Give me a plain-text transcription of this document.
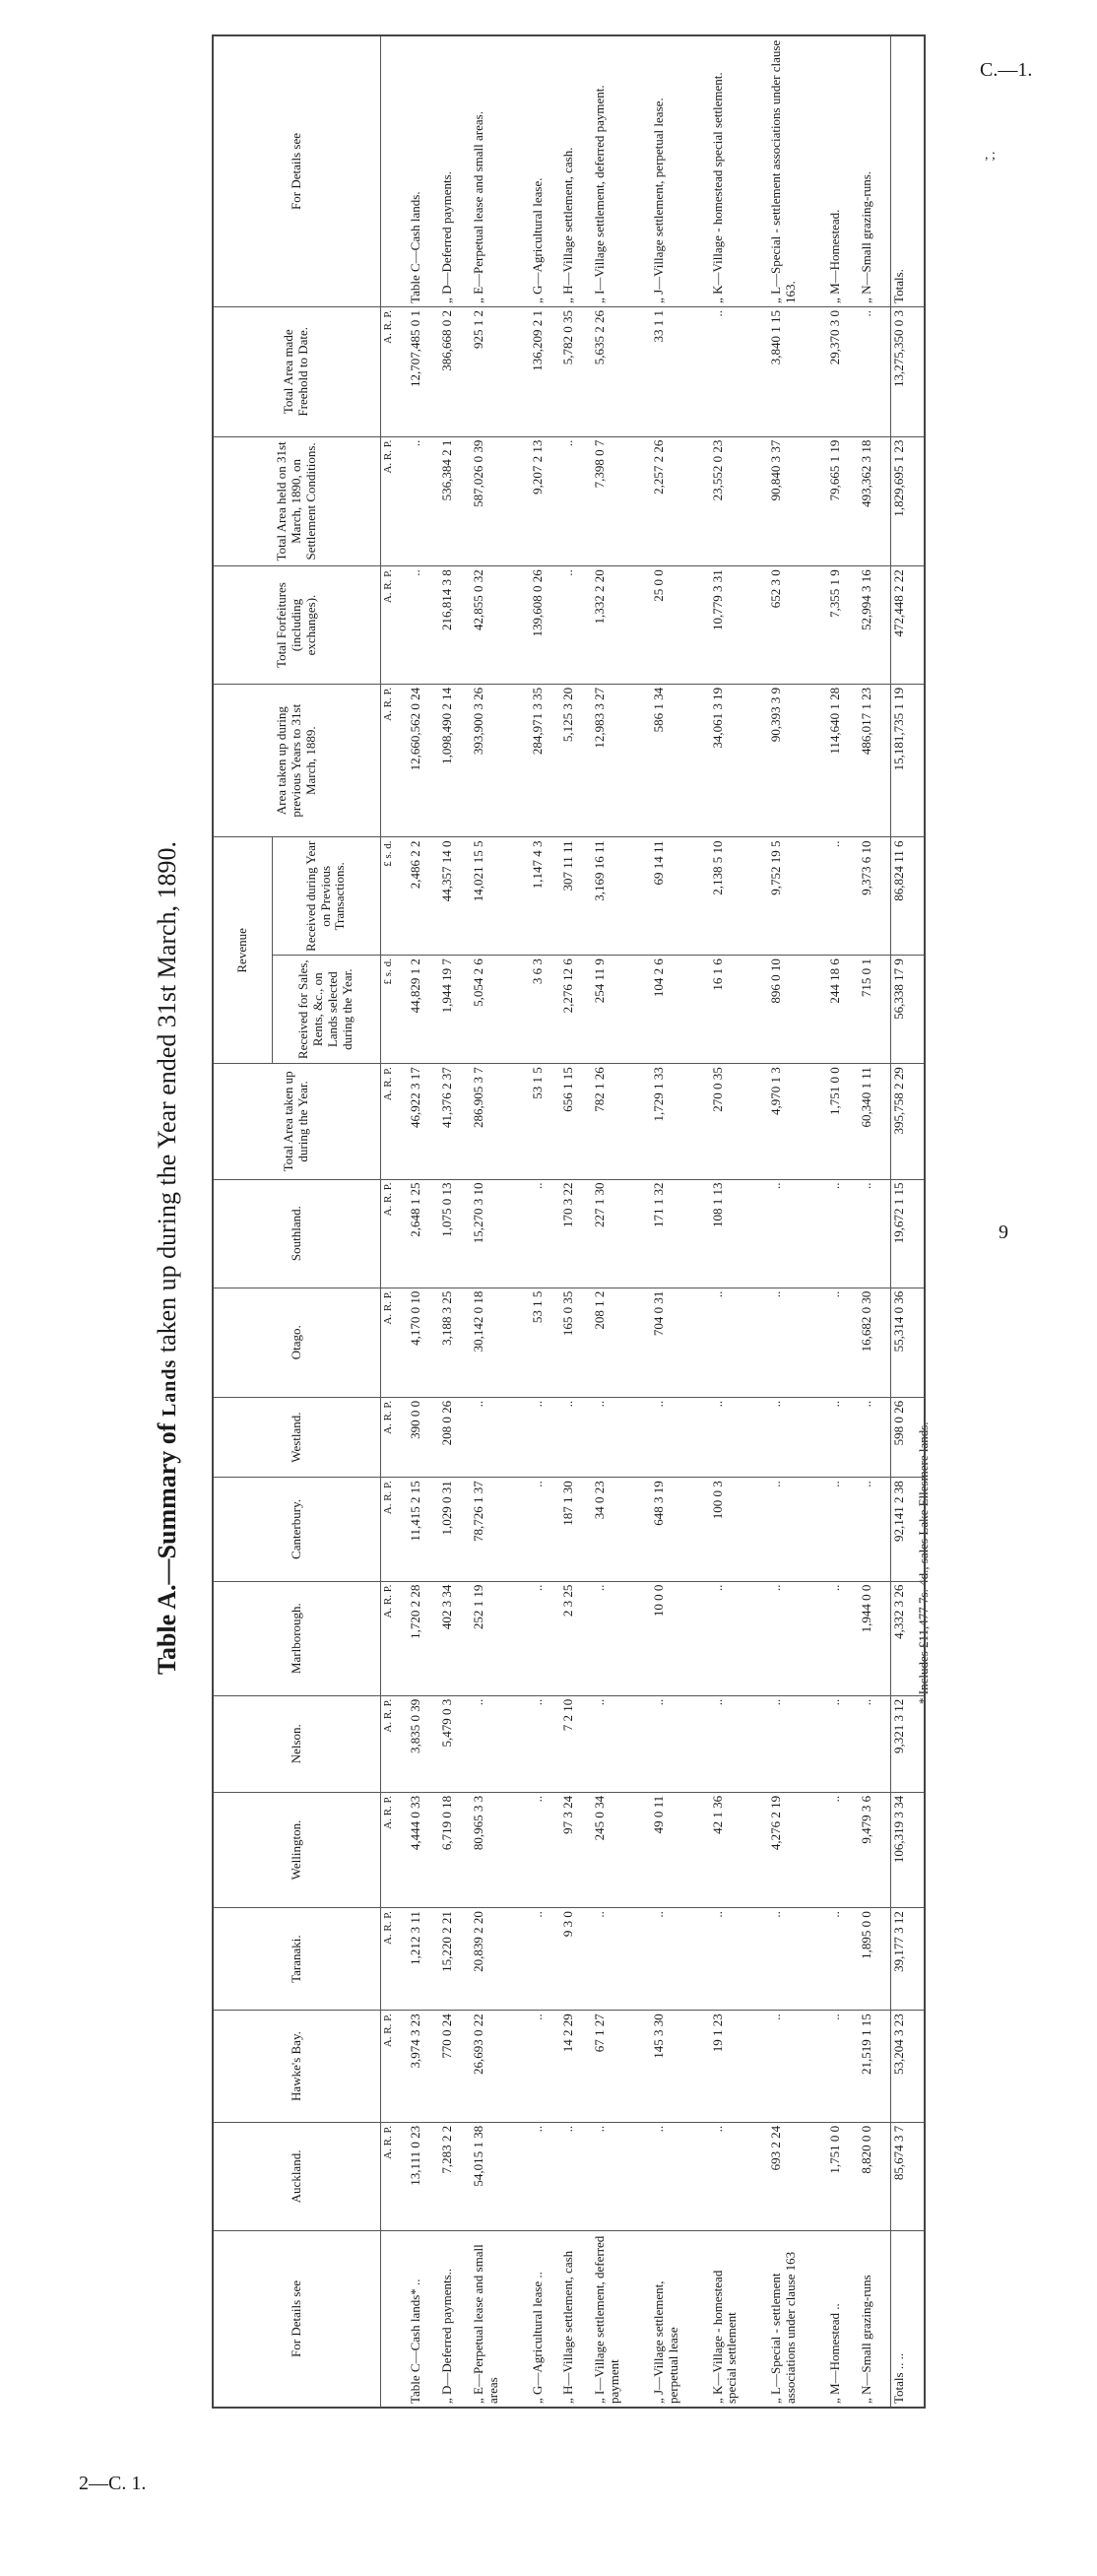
9
C.—1.
, ;
2—C. 1.
Table A.—Summary of Lands taken up during the Year ended 31st March, 1890.
* Includes £11,477 7s. 4d., sales Lake Ellesmere lands.
For Details see	Auckland.	Hawke's Bay.	Taranaki.	Wellington.	Nelson.	Marlborough.	Canterbury.	Westland.	Otago.	Southland.	Total Area taken up during the Year.	Revenue		Area taken up during previous Years to 31st March, 1889.	Total Forfeitures (including exchanges).	Total Area held on 31st March, 1890, on Settlement Conditions.	Total Area made Freehold to Date.	For Details see
												Received for Sales, Rents, &c., on Lands selected during the Year.	Received during Year on Previous Transactions.					
	A. R. P.	A. R. P.	A. R. P.	A. R. P.	A. R. P.	A. R. P.	A. R. P.	A. R. P.	A. R. P.	A. R. P.	A. R. P.	£ s. d.	£ s. d.	A. R. P.	A. R. P.	A. R. P.	A. R. P.	
Table C—Cash lands* ..	13,111 0 23	3,974 3 23	1,212 3 11	4,444 0 33	3,835 0 39	1,720 2 28	11,415 2 15	390 0 0	4,170 0 10	2,648 1 25	46,922 3 17	44,829 1 2	2,486 2 2	12,660,562 0 24	..	..	12,707,485 0 1	Table C—Cash lands.
„ D—Deferred payments..	7,283 2 2	770 0 24	15,220 2 21	6,719 0 18	5,479 0 3	402 3 34	1,029 0 31	208 0 26	3,188 3 25	1,075 0 13	41,376 2 37	1,944 19 7	44,357 14 0	1,098,490 2 14	216,814 3 8	536,384 2 1	386,668 0 2	„ D—Deferred payments.
„ E—Perpetual lease and small areas	54,015 1 38	26,693 0 22	20,839 2 20	80,965 3 3	..	252 1 19	78,726 1 37	..	30,142 0 18	15,270 3 10	286,905 3 7	5,054 2 6	14,021 15 5	393,900 3 26	42,855 0 32	587,026 0 39	925 1 2	„ E—Perpetual lease and small areas.
„ G—Agricultural lease ..	..	..	..	..	..	..	..	..	53 1 5	..	53 1 5	3 6 3	1,147 4 3	284,971 3 35	139,608 0 26	9,207 2 13	136,209 2 1	„ G—Agricultural lease.
„ H—Village settlement, cash	..	14 2 29	9 3 0	97 3 24	7 2 10	2 3 25	187 1 30	..	165 0 35	170 3 22	656 1 15	2,276 12 6	307 11 11	5,125 3 20	..	..	5,782 0 35	„ H—Village settlement, cash.
„ I—Village settlement, deferred payment	..	67 1 27	..	245 0 34	..	..	34 0 23	..	208 1 2	227 1 30	782 1 26	254 11 9	3,169 16 11	12,983 3 27	1,332 2 20	7,398 0 7	5,635 2 26	„ I—Village settlement, deferred payment.
„ J—Village settlement, perpetual lease	..	145 3 30	..	49 0 11	..	10 0 0	648 3 19	..	704 0 31	171 1 32	1,729 1 33	104 2 6	69 14 11	586 1 34	25 0 0	2,257 2 26	33 1 1	„ J—Village settlement, perpetual lease.
„ K—Village - homestead special settlement	..	19 1 23	..	42 1 36	..	..	100 0 3	..	..	108 1 13	270 0 35	16 1 6	2,138 5 10	34,061 3 19	10,779 3 31	23,552 0 23	..	„ K—Village - homestead special settlement.
„ L—Special - settlement associations under clause 163	693 2 24	..	..	4,276 2 19	..	..	..	..	..	..	4,970 1 3	896 0 10	9,752 19 5	90,393 3 9	652 3 0	90,840 3 37	3,840 1 15	„ L—Special - settlement associations under clause 163.
„ M—Homestead ..	1,751 0 0	..	..	..	..	..	..	..	..	..	1,751 0 0	244 18 6	..	114,640 1 28	7,355 1 9	79,665 1 19	29,370 3 0	„ M—Homestead.
„ N—Small grazing-runs	8,820 0 0	21,519 1 15	1,895 0 0	9,479 3 6	..	1,944 0 0	..	..	16,682 0 30	..	60,340 1 11	715 0 1	9,373 6 10	486,017 1 23	52,994 3 16	493,362 3 18	..	„ N—Small grazing-runs.
Totals .. ..	85,674 3 7	53,204 3 23	39,177 3 12	106,319 3 34	9,321 3 12	4,332 3 26	92,141 2 38	598 0 26	55,314 0 36	19,672 1 15	395,758 2 29	56,338 17 9	86,824 11 6	15,181,735 1 19	472,448 2 22	1,829,695 1 23	13,275,350 0 3	Totals.
